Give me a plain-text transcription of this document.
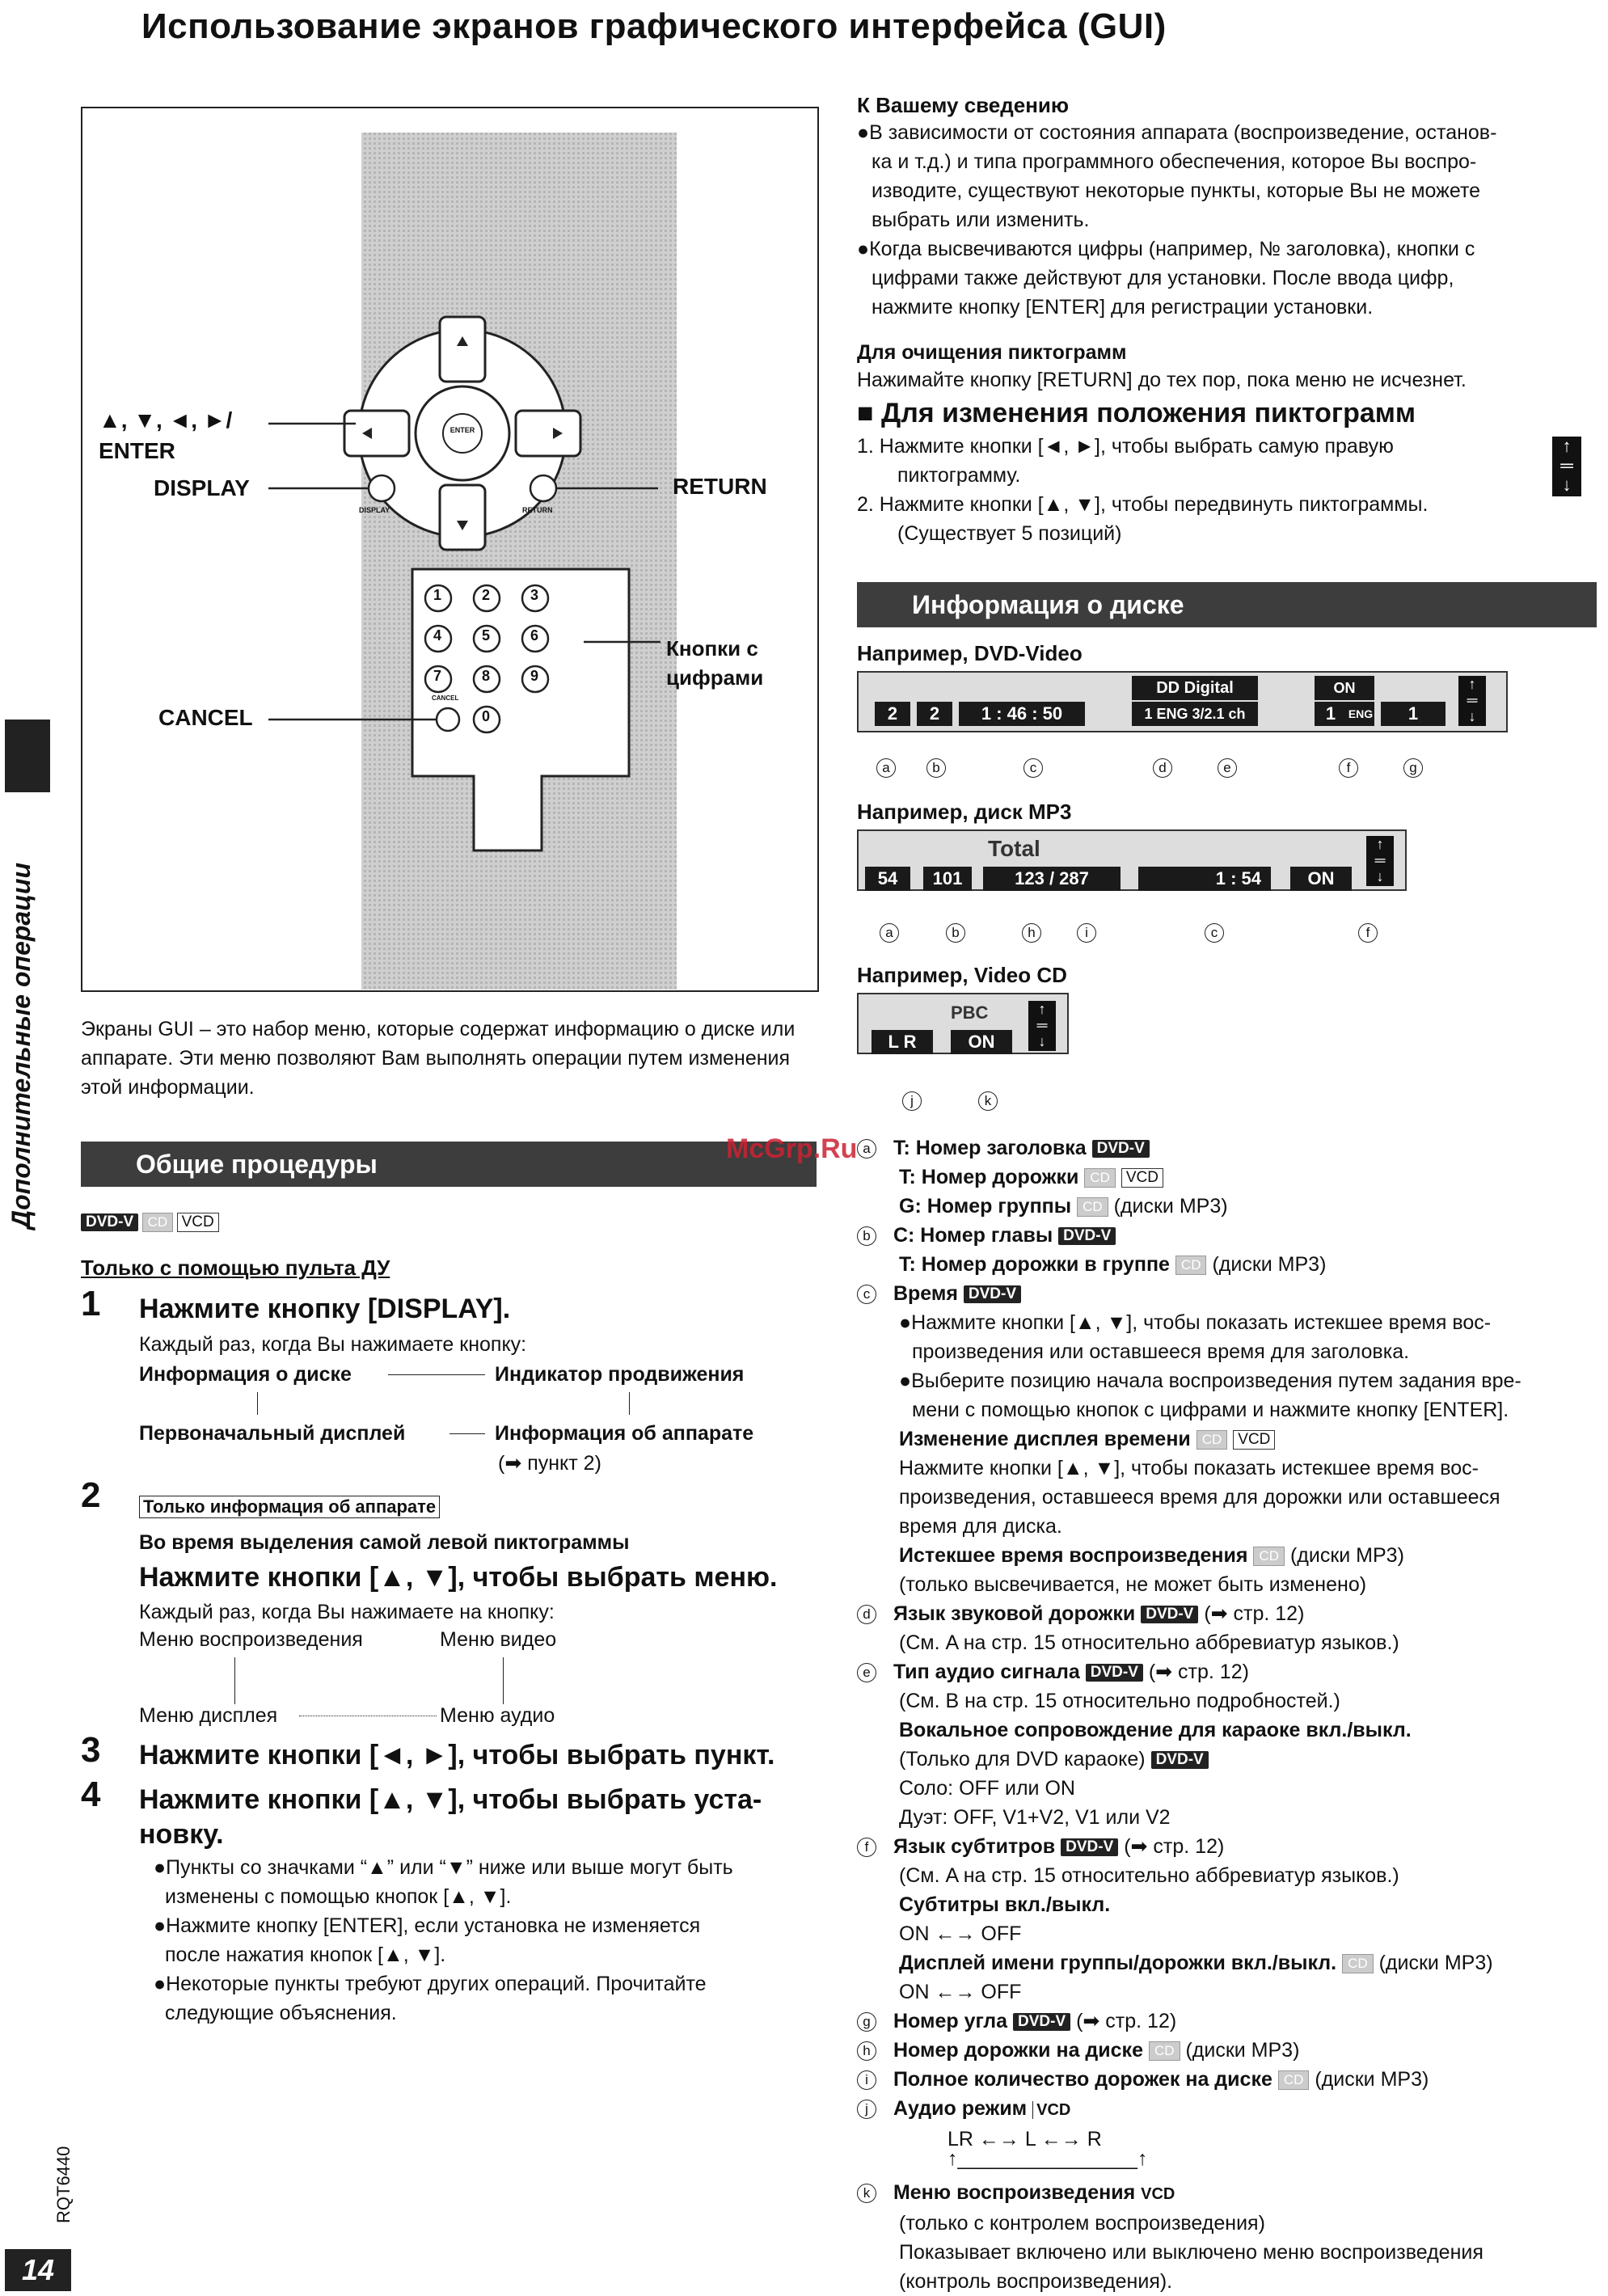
Использование экранов графического интерфейса (GUI)
ENTER
DISPLAY	RETURN
CANCEL
1	2	3
4	5	6
7	8	9
0
▲, ▼, ◄, ►/
ENTER
DISPLAY	RETURN
Кнопки с
цифрами
CANCEL
Экраны GUI – это набор меню, которые содержат информацию о диске или аппарате. Эти меню позволяют Вам выполнять операции путем изменения этой информации.
Общие процедуры
DVD-V CD VCD
Только с помощью пульта ДУ
1 Нажмите кнопку [DISPLAY].
Каждый раз, когда Вы нажимаете кнопку:
Информация о диске	Индикатор продвижения
Первоначальный дисплей	Информация об аппарате
(➡ пункт 2)
2 Только информация об аппарате
Во время выделения самой левой пиктограммы
Нажмите кнопки [▲, ▼], чтобы выбрать меню.
Каждый раз, когда Вы нажимаете на кнопку:
Меню воспроизведения	Меню видео
Меню дисплея	Меню аудио
3 Нажмите кнопки [◄, ►], чтобы выбрать пункт.
4 Нажмите кнопки [▲, ▼], чтобы выбрать уста-
новку.
●Пункты со значками “▲” или “▼” ниже или выше могут быть
изменены с помощью кнопок [▲, ▼].
●Нажмите кнопку [ENTER], если установка не изменяется
после нажатия кнопок [▲, ▼].
●Некоторые пункты требуют других операций. Прочитайте
следующие объяснения.
Дополнительные операции
RQT6440
14
McGrp.Ru
К Вашему сведению
●В зависимости от состояния аппарата (воспроизведение, останов-
ка и т.д.) и типа программного обеспечения, которое Вы воспро-
изводите, существуют некоторые пункты, которые Вы не можете
выбрать или изменить.
●Когда высвечиваются цифры (например, № заголовка), кнопки с
цифрами также действуют для установки. После ввода цифр,
нажмите кнопку [ENTER] для регистрации установки.
Для очищения пиктограмм
Нажимайте кнопку [RETURN] до тех пор, пока меню не исчезнет.
■ Для изменения положения пиктограмм
1. Нажмите кнопки [◄, ►], чтобы выбрать самую правую
пиктограмму.
2. Нажмите кнопки [▲, ▼], чтобы передвинуть пиктограммы.
(Существует 5 позиций)
↑
═
↓
Информация о диске
Например, DVD-Video
2	2	1 : 46 : 50
DD Digital
1 ENG 3/2.1 ch
ON
1	ENG	1
↑
═
↓
a	b	c	d	e	f	g
Например, диск MP3
54	101
Total
123 / 287	1 : 54	ON
↑
═
↓
a	b	h	i	c	f
Например, Video CD
PBC
L R	ON
↑
═
↓
j	k
a T: Номер заголовка DVD-V
T: Номер дорожки CD VCD
G: Номер группы CD (диски MP3)
b C: Номер главы DVD-V
T: Номер дорожки в группе CD (диски MP3)
c Время DVD-V
●Нажмите кнопки [▲, ▼], чтобы показать истекшее время вос-
произведения или оставшееся время для заголовка.
●Выберите позицию начала воспроизведения путем задания вре-
мени с помощью кнопок с цифрами и нажмите кнопку [ENTER].
Изменение дисплея времени CD VCD
Нажмите кнопки [▲, ▼], чтобы показать истекшее время вос-
произведения, оставшееся время для дорожки или оставшееся
время для диска.
Истекшее время воспроизведения CD (диски MP3)
(только высвечивается, не может быть изменено)
d Язык звуковой дорожки DVD-V (➡ стр. 12)
(См. A на стр. 15 относительно аббревиатур языков.)
e Тип аудио сигнала DVD-V (➡ стр. 12)
(См. B на стр. 15 относительно подробностей.)
Вокальное сопровождение для караоке вкл./выкл.
(Только для DVD караоке) DVD-V
Соло: OFF или ON
Дуэт: OFF, V1+V2, V1 или V2
f Язык субтитров DVD-V (➡ стр. 12)
(См. A на стр. 15 относительно аббревиатур языков.)
Субтитры вкл./выкл.
ON ←→ OFF
Дисплей имени группы/дорожки вкл./выкл. CD (диски MP3)
ON ←→ OFF
g Номер угла DVD-V (➡ стр. 12)
h Номер дорожки на диске CD (диски MP3)
i Полное количество дорожек на диске CD (диски MP3)
j Аудио режим VCD
LR ←→ L ←→ R
↑________________↑
k Меню воспроизведения VCD
(только с контролем воспроизведения)
Показывает включено или выключено меню воспроизведения
(контроль воспроизведения).
